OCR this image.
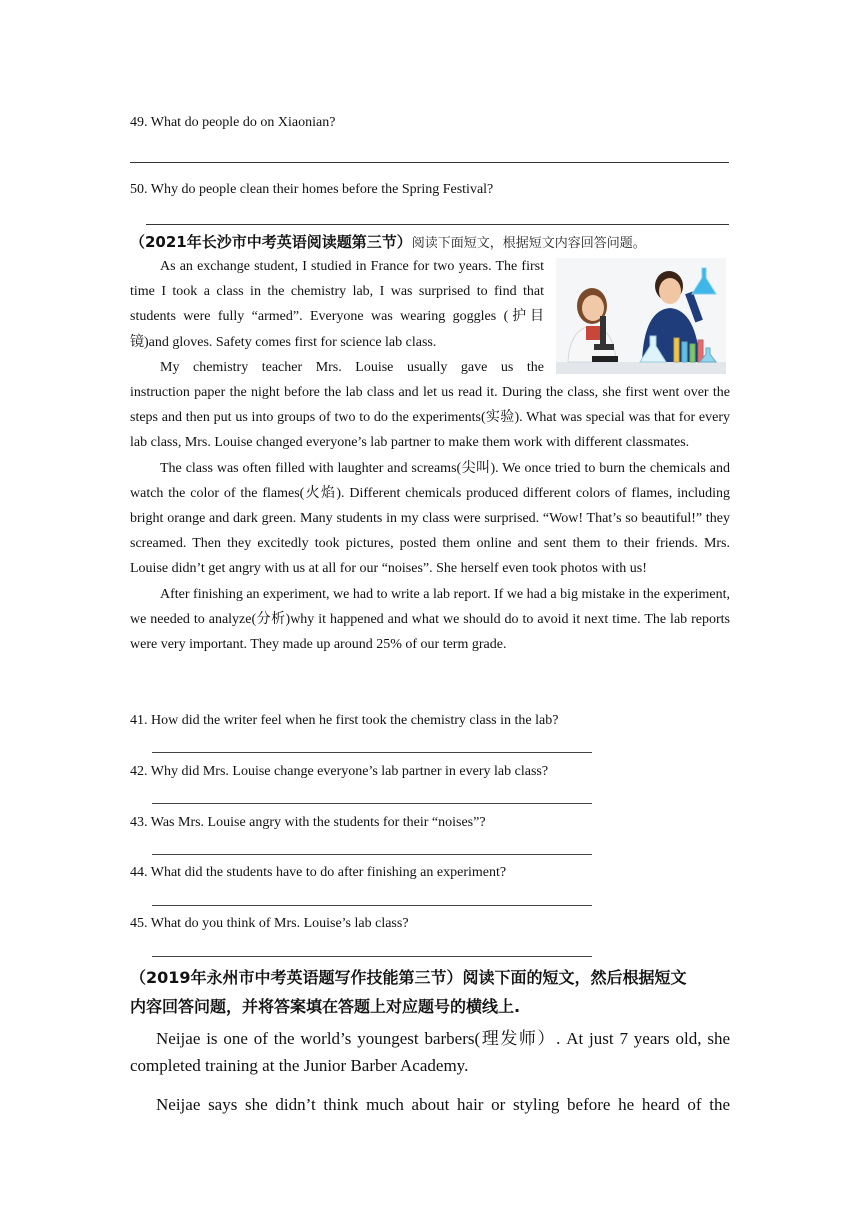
49. What do people do on Xiaonian?
50. Why do people clean their homes before the Spring Festival?
（2021年长沙市中考英语阅读题第三节）阅读下面短文，根据短文内容回答问题。

As an exchange student, I studied in France for two years. The first time I took a class in the chemistry lab, I was surprised to find that students were fully “armed”. Everyone was wearing goggles (护目镜)and gloves. Safety comes first for science lab class.

My chemistry teacher Mrs. Louise usually gave us the

instruction paper the night before the lab class and let us read it. During the class, she first went over the steps and then put us into groups of two to do the experiments(实验). What was special was that for every lab class, Mrs. Louise changed everyone’s lab partner to make them work with different classmates.

The class was often filled with laughter and screams(尖叫). We once tried to burn the chemicals and watch the color of the flames(火焰). Different chemicals produced different colors of flames, including bright orange and dark green. Many students in my class were surprised. “Wow! That’s so beautiful!” they screamed. Then they excitedly took pictures, posted them online and sent them to their friends. Mrs. Louise didn’t get angry with us at all for our “noises”. She herself even took photos with us!

After finishing an experiment, we had to write a lab report. If we had a big mistake in the experiment, we needed to analyze(分析)why it happened and what we should do to avoid it next time. The lab reports were very important. They made up around 25% of our term grade.

41. How did the writer feel when he first took the chemistry class in the lab?
42. Why did Mrs. Louise change everyone’s lab partner in every lab class?
43. Was Mrs. Louise angry with the students for their “noises”?
44. What did the students have to do after finishing an experiment?
45. What do you think of Mrs. Louise’s lab class?
（2019年永州市中考英语题写作技能第三节）阅读下面的短文，然后根据短文
内容回答问题，并将答案填在答题上对应题号的横线上.

Neijae is one of the world’s youngest barbers(理发师）. At just 7 years old, she completed training at the Junior Barber Academy.

Neijae says she didn’t think much about hair or styling before he heard of the
